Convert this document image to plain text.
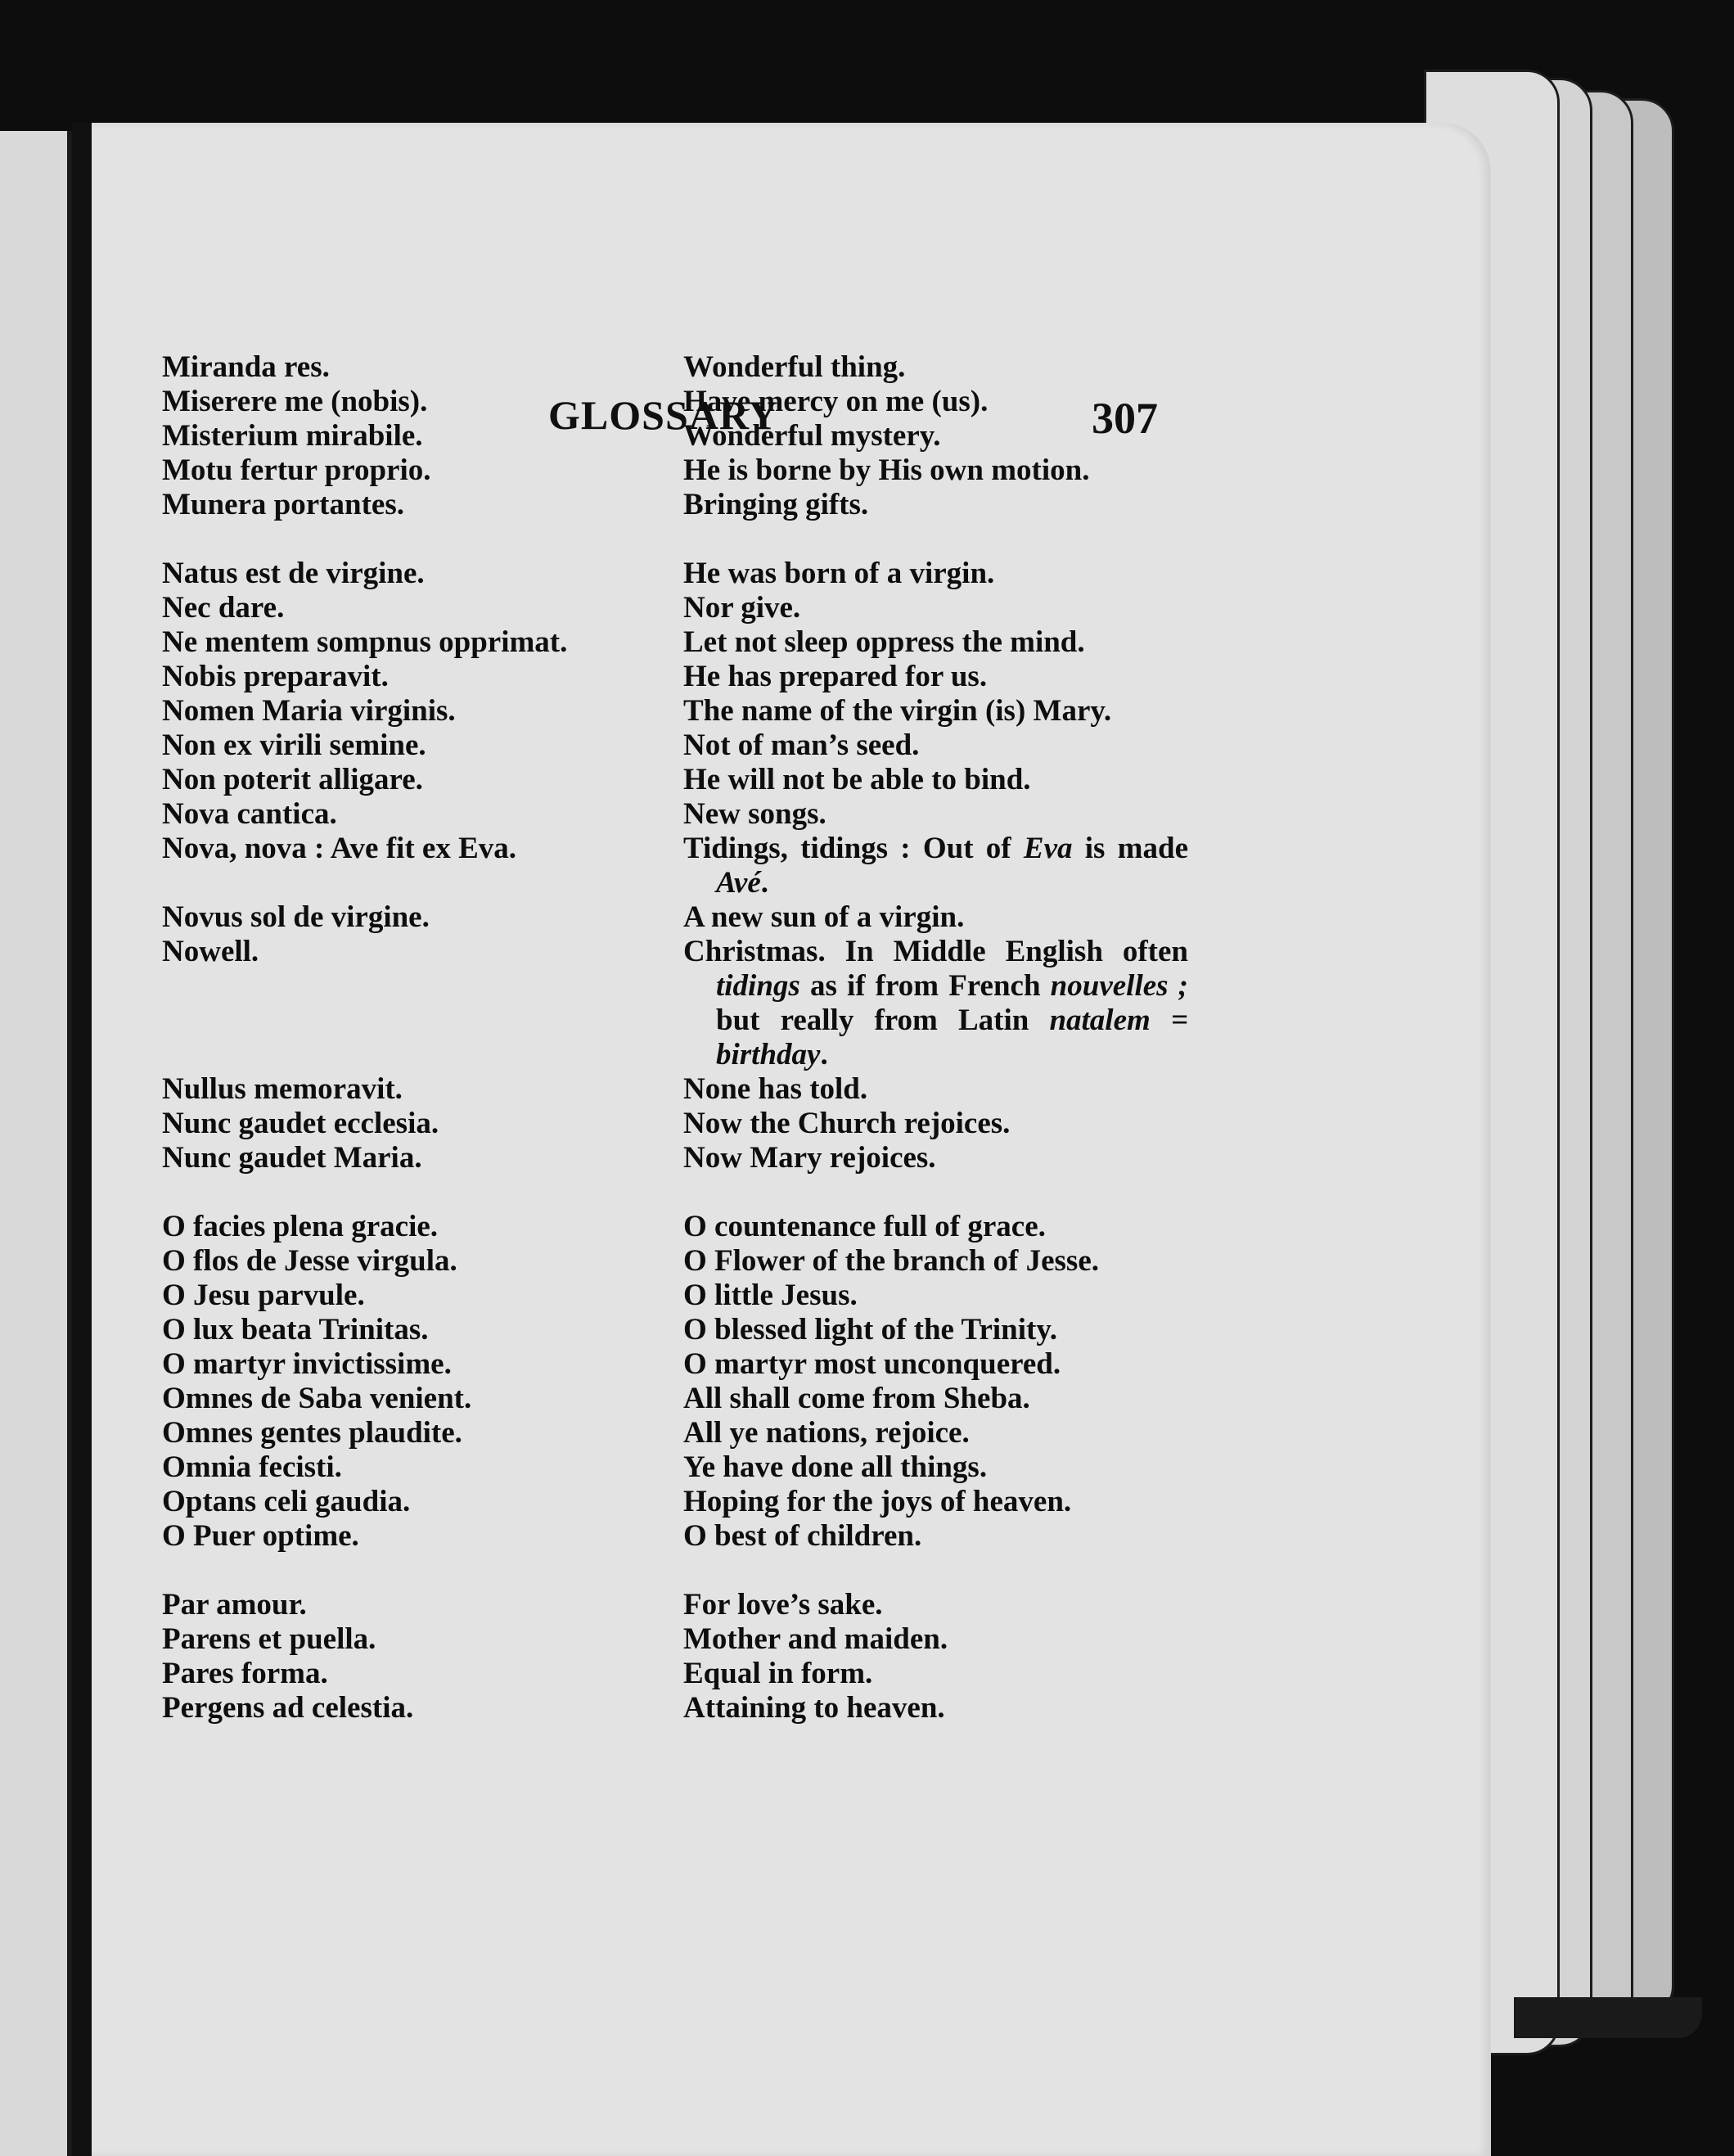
GLOSSARY	307
Miranda res.	Wonderful thing.
Miserere me (nobis).	Have mercy on me (us).
Misterium mirabile.	Wonderful mystery.
Motu fertur proprio.	He is borne by His own motion.
Munera portantes.	Bringing gifts.
Natus est de virgine.	He was born of a virgin.
Nec dare.	Nor give.
Ne mentem sompnus opprimat.	Let not sleep oppress the mind.
Nobis preparavit.	He has prepared for us.
Nomen Maria virginis.	The name of the virgin (is) Mary.
Non ex virili semine.	Not of man’s seed.
Non poterit alligare.	He will not be able to bind.
Nova cantica.	New songs.
Nova, nova : Ave fit ex Eva.	Tidings, tidings : Out of Eva is made Avé.
Novus sol de virgine.	A new sun of a virgin.
Nowell.	Christmas. In Middle English often tidings as if from French nouvelles ; but really from Latin natalem = birthday.
Nullus memoravit.	None has told.
Nunc gaudet ecclesia.	Now the Church rejoices.
Nunc gaudet Maria.	Now Mary rejoices.
O facies plena gracie.	O countenance full of grace.
O flos de Jesse virgula.	O Flower of the branch of Jesse.
O Jesu parvule.	O little Jesus.
O lux beata Trinitas.	O blessed light of the Trinity.
O martyr invictissime.	O martyr most unconquered.
Omnes de Saba venient.	All shall come from Sheba.
Omnes gentes plaudite.	All ye nations, rejoice.
Omnia fecisti.	Ye have done all things.
Optans celi gaudia.	Hoping for the joys of heaven.
O Puer optime.	O best of children.
Par amour.	For love’s sake.
Parens et puella.	Mother and maiden.
Pares forma.	Equal in form.
Pergens ad celestia.	Attaining to heaven.
